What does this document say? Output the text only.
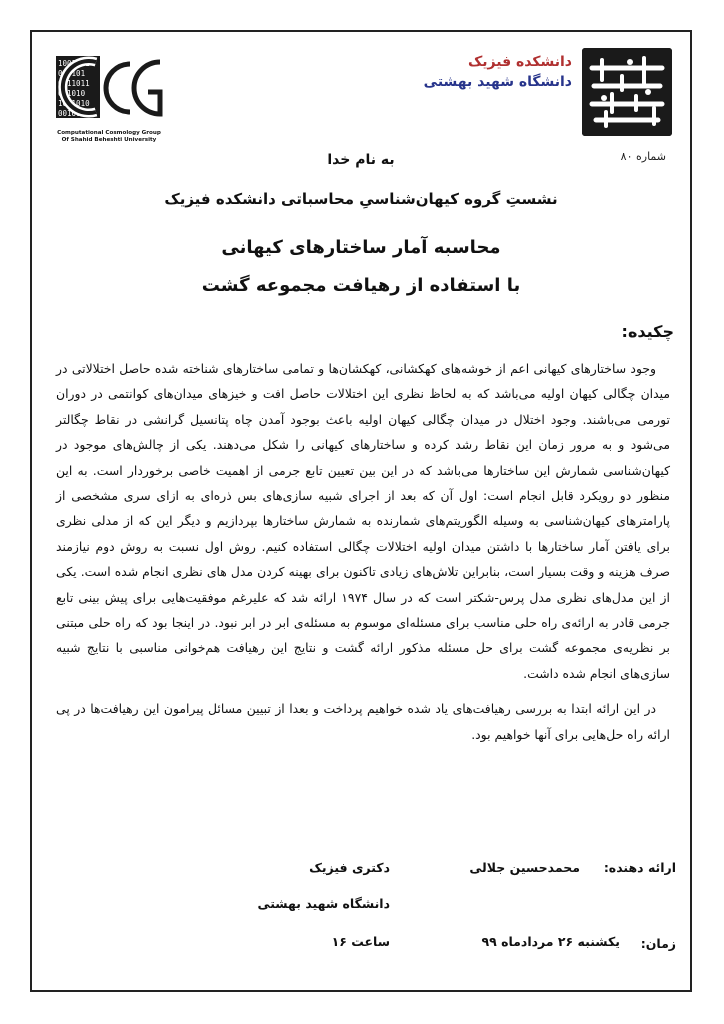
دانشکده فیزیک
دانشگاه شهید بهشتی
1001101
010101
0011011
011010
1001010
0010001
Computational Cosmology Group
Of Shahid Beheshti University
شماره ۸۰
به نام خدا
نشستِ گروه کیهان‌شناسیِ محاسباتی دانشکده فیزیک
محاسبه آمار ساختارهای کیهانی
با استفاده از رهیافت مجموعه گشت
چکیده:

وجود ساختارهای کیهانی اعم از خوشه‌های کهکشانی، کهکشان‌ها و تمامی ساختارهای شناخته شده حاصل اختلالاتی در میدان چگالی کیهان اولیه می‌باشد که به لحاظ نظری این اختلالات حاصل افت و خیزهای میدان‌های کوانتمی در دوران تورمی می‌باشند. وجود اختلال در میدان چگالی کیهان اولیه باعث بوجود آمدن چاه پتانسیل گرانشی در نقاط چگالتر می‌شود و به مرور زمان این نقاط رشد کرده و ساختارهای کیهانی را شکل می‌دهند. یکی از چالش‌های موجود در کیهان‌شناسی شمارش این ساختارها می‌باشد که در این بین تعیین تابع جرمی از اهمیت خاصی برخوردار است. به این منظور دو رویکرد قابل انجام است: اول آن که بعد از اجرای شبیه سازی‌های بس ذره‌ای به ازای سری مشخصی از پارامترهای کیهان‌شناسی به وسیله الگوریتم‌های شمارنده به شمارش ساختارها بپردازیم و دیگر این که از مدلی نظری برای یافتن آمار ساختارها با داشتن میدان اولیه اختلالات چگالی استفاده کنیم. روش اول نسبت به روش دوم نیازمند صرف هزینه و وقت بسیار است، بنابراین تلاش‌های زیادی تاکنون برای بهینه کردن مدل های نظری انجام شده است. یکی از این مدل‌های نظری مدل پرس-شکتر است که در سال ۱۹۷۴ ارائه شد که علیرغم موفقیت‌هایی برای پیش بینی تابع جرمی قادر به ارائه‌ی راه حلی مناسب برای مسئله‌ای موسوم به مسئله‌ی ابر در ابر نبود. در اینجا بود که راه حلی مبتنی بر نظریه‌ی مجموعه گشت برای حل مسئله مذکور ارائه گشت و نتایج این رهیافت هم‌خوانی مناسبی با نتایج شبیه سازی‌های انجام شده داشت.

در این ارائه ابتدا به بررسی رهیافت‌های یاد شده خواهیم پرداخت و بعدا از تبیین مسائل پیرامون این رهیافت‌ها در پی ارائه راه حل‌هایی برای آنها خواهیم بود.

ارائه دهنده:
محمدحسین جلالی
دکتری فیزیک
دانشگاه شهید بهشتی
زمان:
یکشنبه ۲۶ مردادماه ۹۹
ساعت ۱۶
